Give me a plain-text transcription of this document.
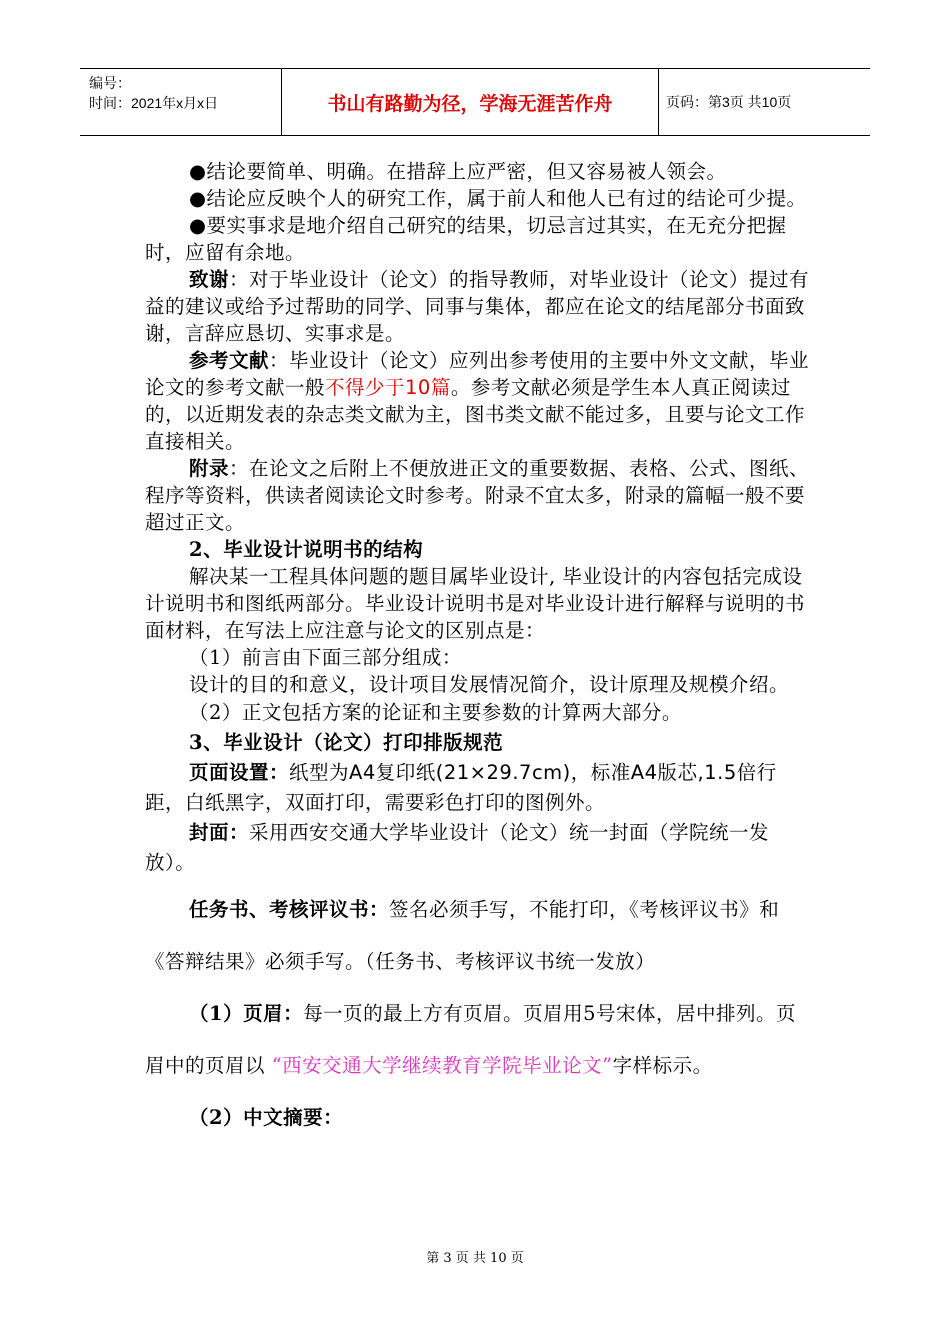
编号：
时间：2021年x月x日	书山有路勤为径，学海无涯苦作舟	页码：第3页 共10页

●结论要简单、明确。在措辞上应严密，但又容易被人领会。

●结论应反映个人的研究工作，属于前人和他人已有过的结论可少提。

●要实事求是地介绍自己研究的结果，切忌言过其实，在无充分把握时，应留有余地。

致谢：对于毕业设计（论文）的指导教师，对毕业设计（论文）提过有益的建议或给予过帮助的同学、同事与集体，都应在论文的结尾部分书面致谢，言辞应恳切、实事求是。

参考文献：毕业设计（论文）应列出参考使用的主要中外文文献，毕业论文的参考文献一般不得少于10篇。参考文献必须是学生本人真正阅读过的，以近期发表的杂志类文献为主，图书类文献不能过多，且要与论文工作直接相关。

附录：在论文之后附上不便放进正文的重要数据、表格、公式、图纸、程序等资料，供读者阅读论文时参考。附录不宜太多，附录的篇幅一般不要超过正文。

2、毕业设计说明书的结构

解决某一工程具体问题的题目属毕业设计, 毕业设计的内容包括完成设计说明书和图纸两部分。毕业设计说明书是对毕业设计进行解释与说明的书面材料，在写法上应注意与论文的区别点是：

（1）前言由下面三部分组成：

设计的目的和意义，设计项目发展情况简介，设计原理及规模介绍。

（2）正文包括方案的论证和主要参数的计算两大部分。

3、毕业设计（论文）打印排版规范

页面设置：纸型为A4复印纸(21×29.7cm)，标准A4版芯,1.5倍行距，白纸黑字，双面打印，需要彩色打印的图例外。

封面：采用西安交通大学毕业设计（论文）统一封面（学院统一发放）。

任务书、考核评议书：签名必须手写，不能打印，《考核评议书》和《答辩结果》必须手写。（任务书、考核评议书统一发放）

（1）页眉：每一页的最上方有页眉。页眉用5号宋体，居中排列。页眉中的页眉以 “西安交通大学继续教育学院毕业论文”字样标示。

（2）中文摘要：

第 3 页 共 10 页
